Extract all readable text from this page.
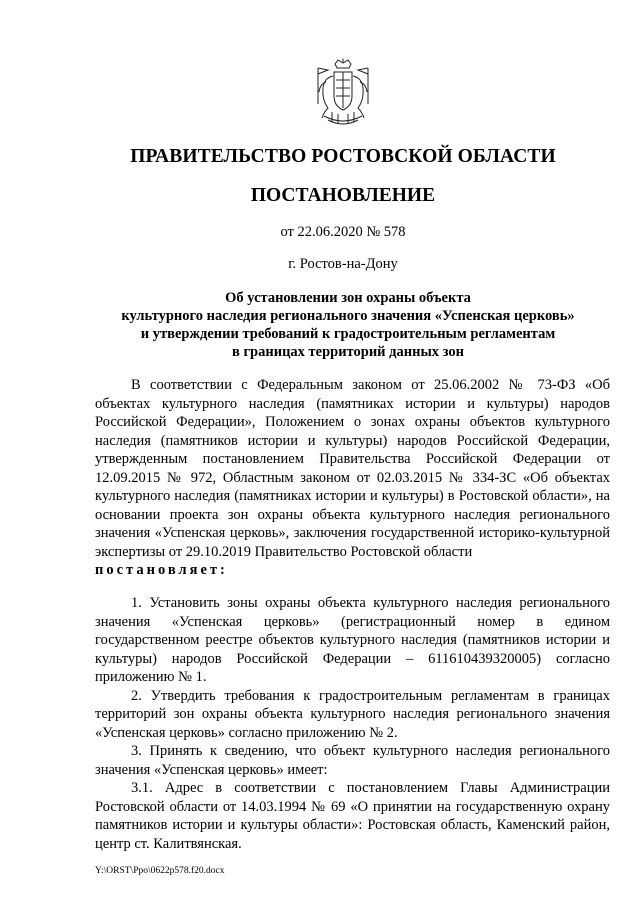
ПРАВИТЕЛЬСТВО РОСТОВСКОЙ ОБЛАСТИ
ПОСТАНОВЛЕНИЕ
от 22.06.2020 № 578
г. Ростов-на-Дону
Об установлении зон охраны объекта
культурного наследия регионального значения «Успенская церковь»
и утверждении требований к градостроительным регламентам
в границах территорий данных зон

В соответствии с Федеральным законом от 25.06.2002 № 73-ФЗ «Об объектах культурного наследия (памятниках истории и культуры) народов Российской Федерации», Положением о зонах охраны объектов культурного наследия (памятников истории и культуры) народов Российской Федерации, утвержденным постановлением Правительства Российской Федерации от 12.09.2015 № 972, Областным законом от 02.03.2015 № 334-ЗС «Об объектах культурного наследия (памятниках истории и культуры) в Ростовской области», на основании проекта зон охраны объекта культурного наследия регионального значения «Успенская церковь», заключения государственной историко-культурной экспертизы от 29.10.2019 Правительство Ростовской области

постановляет:

1. Установить зоны охраны объекта культурного наследия регионального значения «Успенская церковь» (регистрационный номер в едином государственном реестре объектов культурного наследия (памятников истории и культуры) народов Российской Федерации – 611610439320005) согласно приложению № 1.

2. Утвердить требования к градостроительным регламентам в границах территорий зон охраны объекта культурного наследия регионального значения «Успенская церковь» согласно приложению № 2.

3. Принять к сведению, что объект культурного наследия регионального значения «Успенская церковь» имеет:

3.1. Адрес в соответствии с постановлением Главы Администрации Ростовской области от 14.03.1994 № 69 «О принятии на государственную охрану памятников истории и культуры области»: Ростовская область, Каменский район, центр ст. Калитвянская.

Y:\ORST\Ppo\0622p578.f20.docx
